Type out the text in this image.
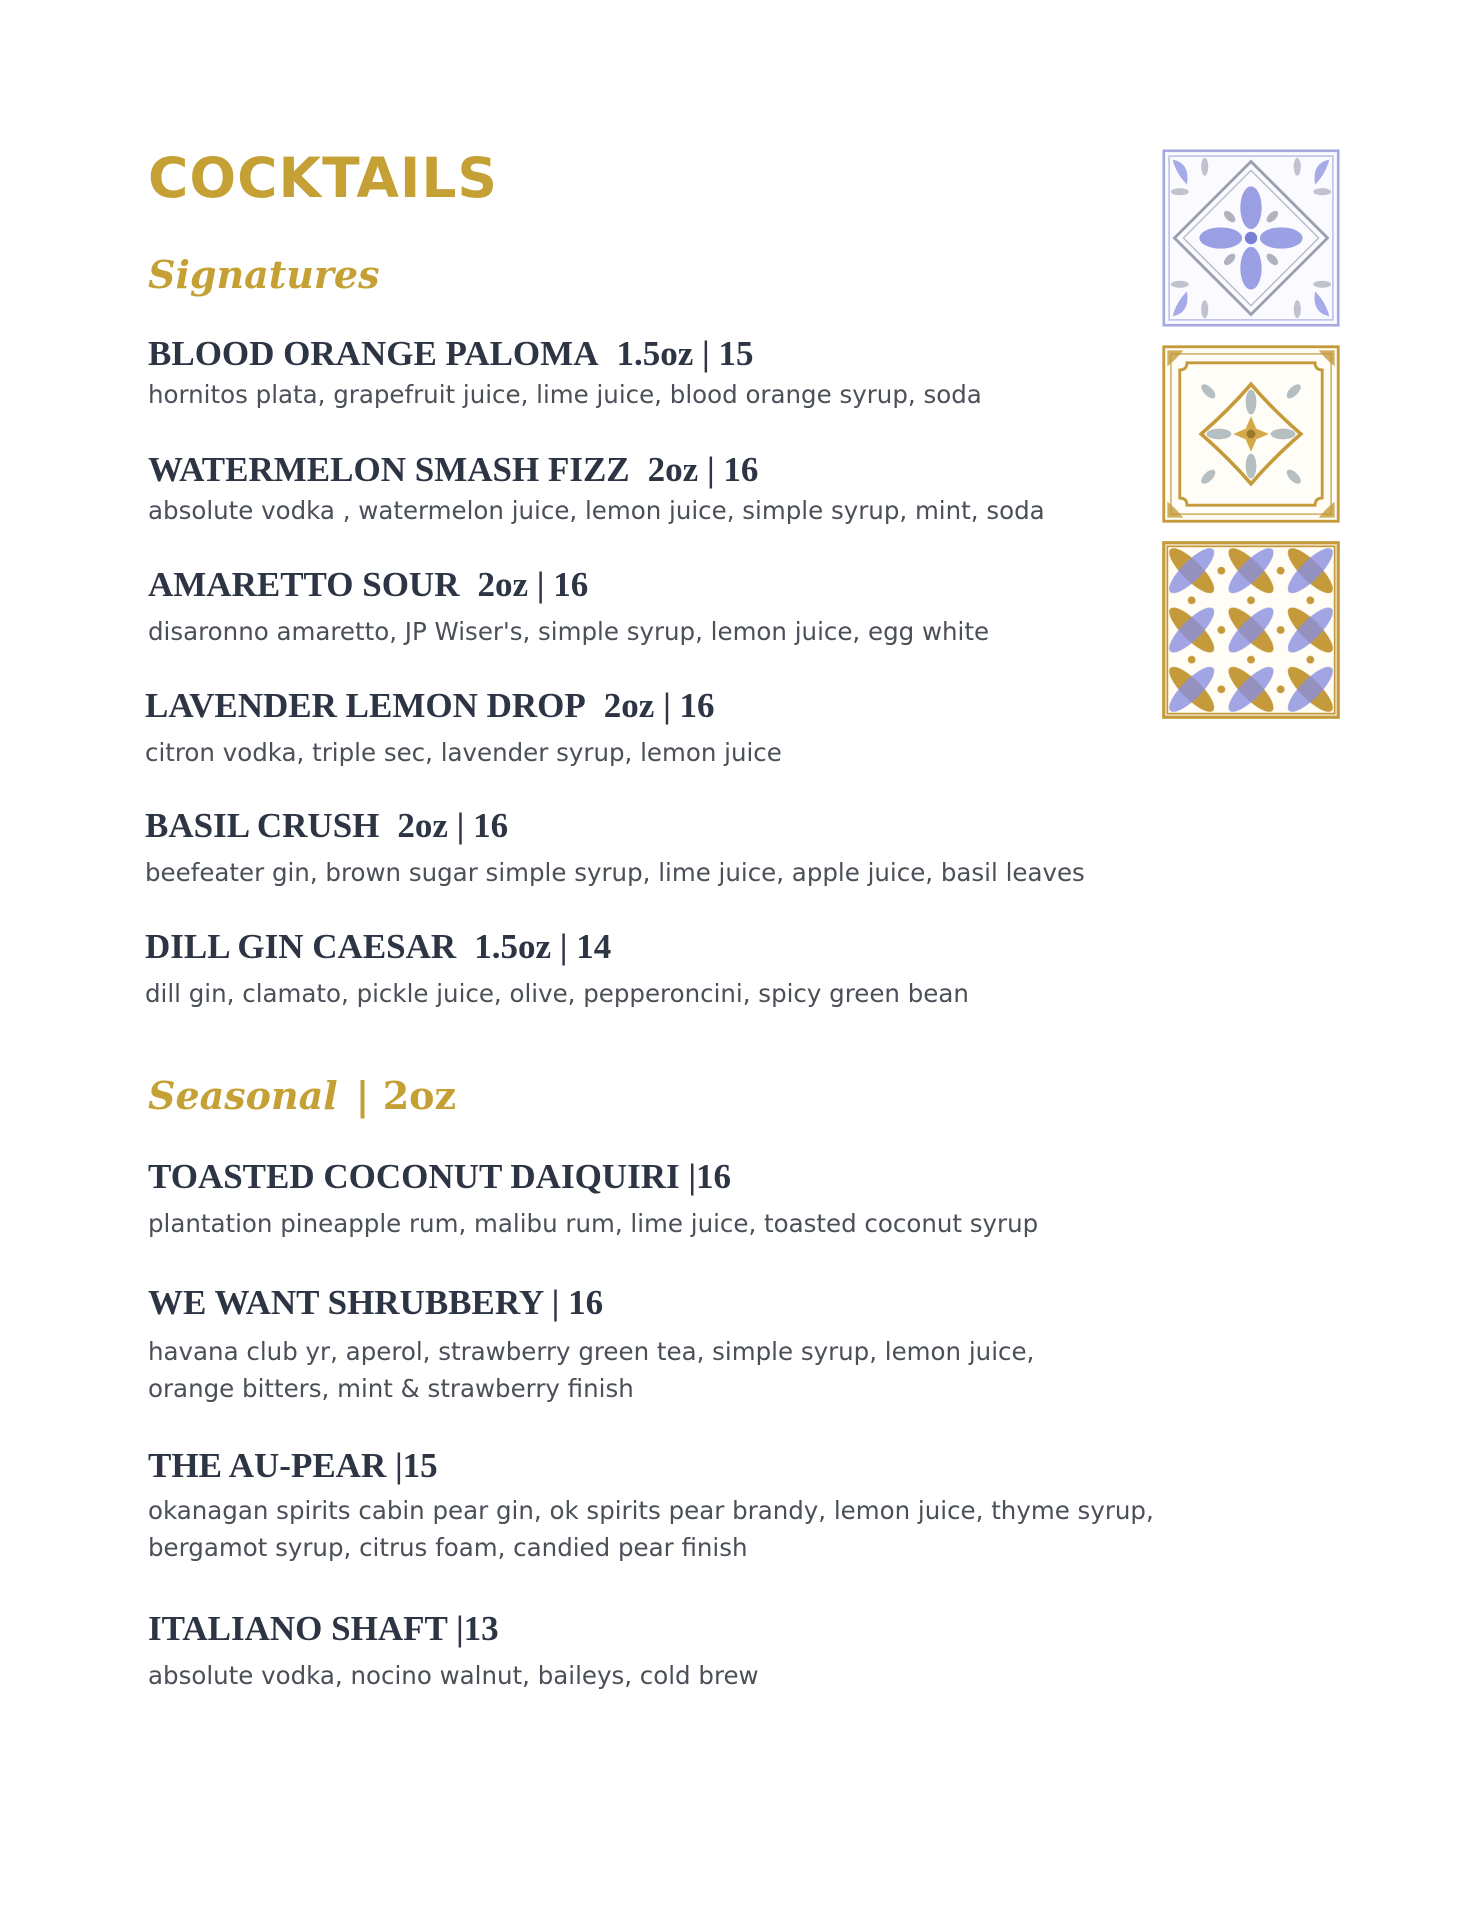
COCKTAILS
Signatures

BLOOD ORANGE PALOMA 1.5oz | 15

hornitos plata, grapefruit juice, lime juice, blood orange syrup, soda

WATERMELON SMASH FIZZ 2oz | 16

absolute vodka , watermelon juice, lemon juice, simple syrup, mint, soda

AMARETTO SOUR 2oz | 16

disaronno amaretto, JP Wiser's, simple syrup, lemon juice, egg white

LAVENDER LEMON DROP 2oz | 16

citron vodka, triple sec, lavender syrup, lemon juice

BASIL CRUSH 2oz | 16

beefeater gin, brown sugar simple syrup, lime juice, apple juice, basil leaves

DILL GIN CAESAR 1.5oz | 14

dill gin, clamato, pickle juice, olive, pepperoncini, spicy green bean

Seasonal | 2oz

TOASTED COCONUT DAIQUIRI |16

plantation pineapple rum, malibu rum, lime juice, toasted coconut syrup

WE WANT SHRUBBERY | 16

havana club yr, aperol, strawberry green tea, simple syrup, lemon juice,

orange bitters, mint & strawberry finish

THE AU-PEAR |15

okanagan spirits cabin pear gin, ok spirits pear brandy, lemon juice, thyme syrup,

bergamot syrup, citrus foam, candied pear finish

ITALIANO SHAFT |13

absolute vodka, nocino walnut, baileys, cold brew
